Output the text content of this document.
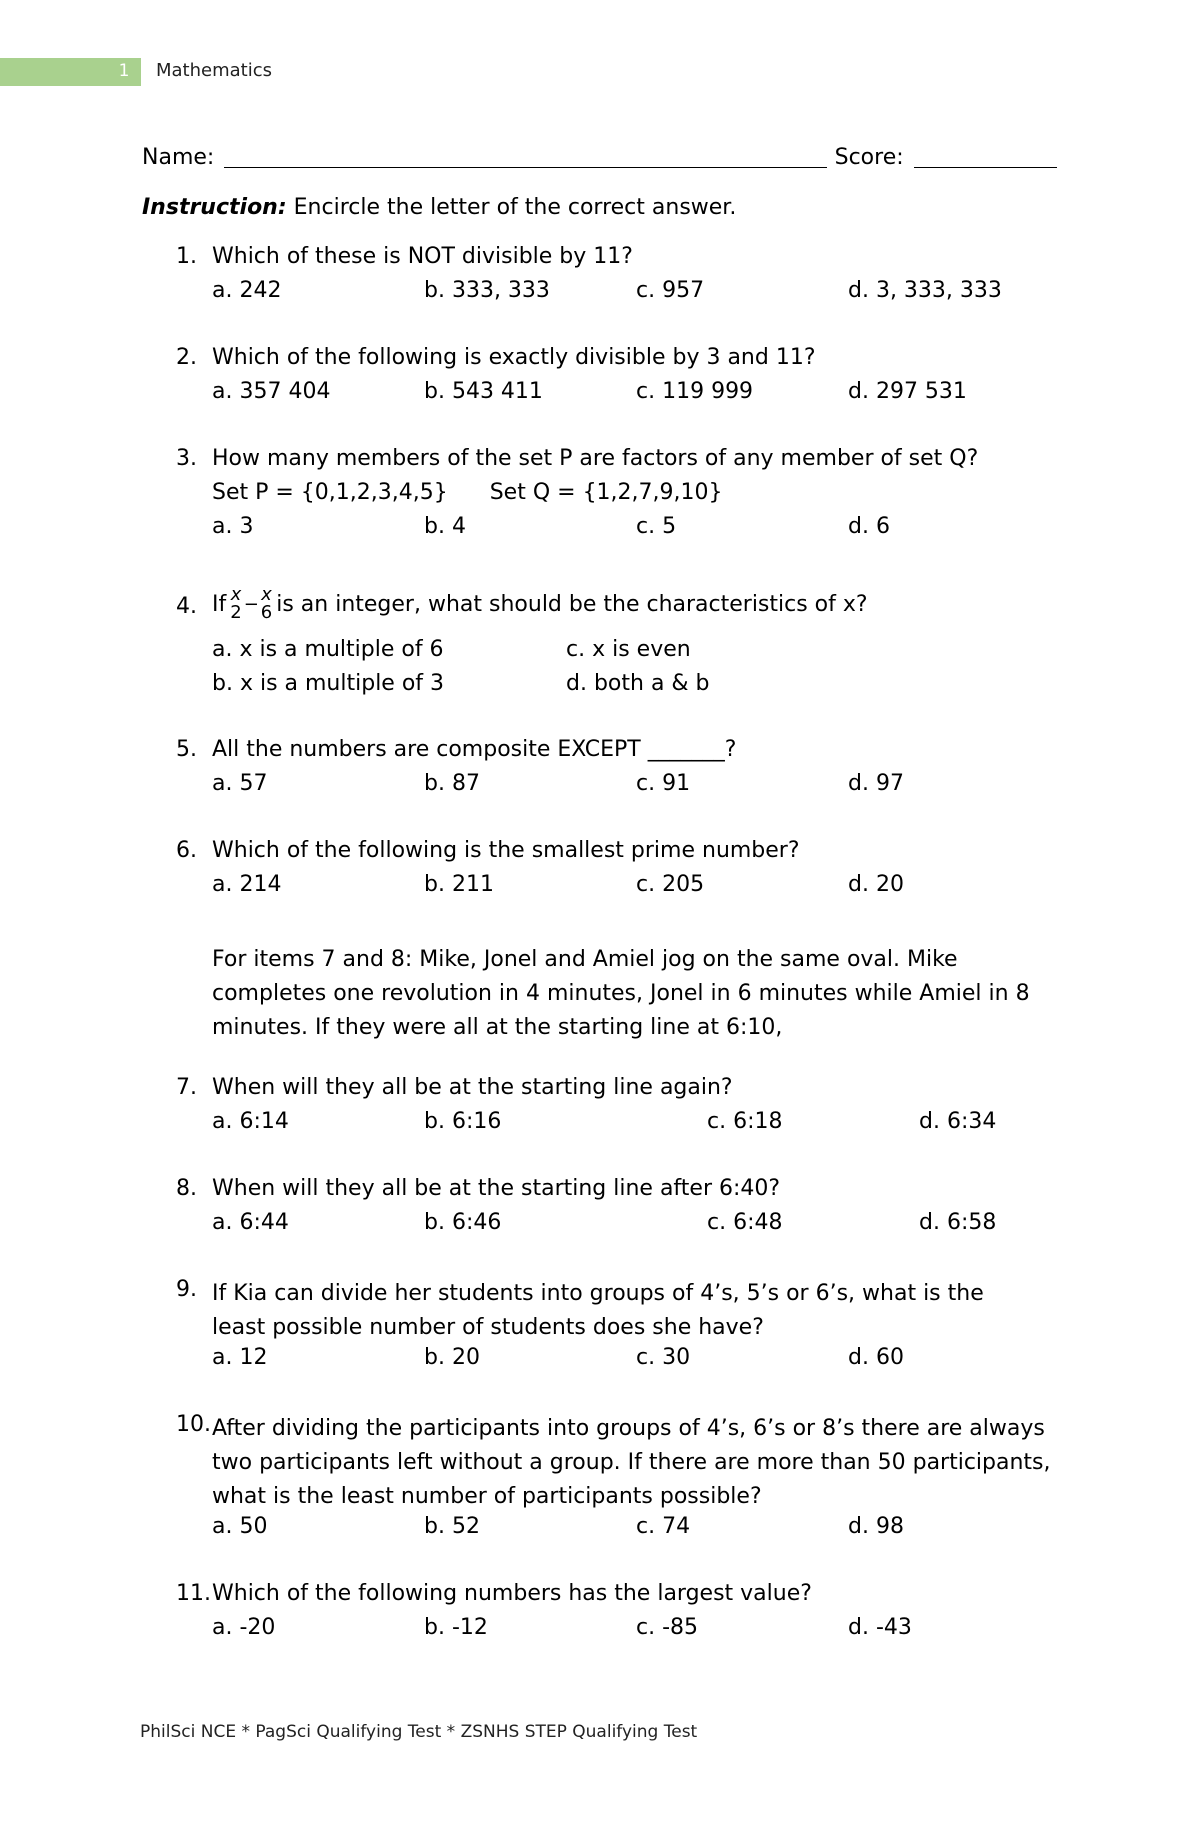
1 Mathematics
Name:	Score:
Instruction: Encircle the letter of the correct answer.
1. Which of these is NOT divisible by 11?
a. 242	b. 333, 333	c. 957	d. 3, 333, 333
2. Which of the following is exactly divisible by 3 and 11?
a. 357 404	b. 543 411	c. 119 999	d. 297 531
3. How many members of the set P are factors of any member of set Q?
Set P = {0,1,2,3,4,5}      Set Q = {1,2,7,9,10}
a. 3	b. 4	c. 5	d. 6
4. If x
2 − x
6 is an integer, what should be the characteristics of x?
a. x is a multiple of 6	c. x is even
b. x is a multiple of 3	d. both a & b
5. All the numbers are composite EXCEPT _______?
a. 57	b. 87	c. 91	d. 97
6. Which of the following is the smallest prime number?
a. 214	b. 211	c. 205	d. 20
For items 7 and 8: Mike, Jonel and Amiel jog on the same oval. Mike completes one revolution in 4 minutes, Jonel in 6 minutes while Amiel in 8 minutes. If they were all at the starting line at 6:10,
7. When will they all be at the starting line again?
a. 6:14	b. 6:16	c. 6:18	d. 6:34
8. When will they all be at the starting line after 6:40?
a. 6:44	b. 6:46	c. 6:48	d. 6:58
9. If Kia can divide her students into groups of 4’s, 5’s or 6’s, what is the least possible number of students does she have?
a. 12	b. 20	c. 30	d. 60
10. After dividing the participants into groups of 4’s, 6’s or 8’s there are always two participants left without a group. If there are more than 50 participants, what is the least number of participants possible?
a. 50	b. 52	c. 74	d. 98
11. Which of the following numbers has the largest value?
a. -20	b. -12	c. -85	d. -43
PhilSci NCE * PagSci Qualifying Test * ZSNHS STEP Qualifying Test
